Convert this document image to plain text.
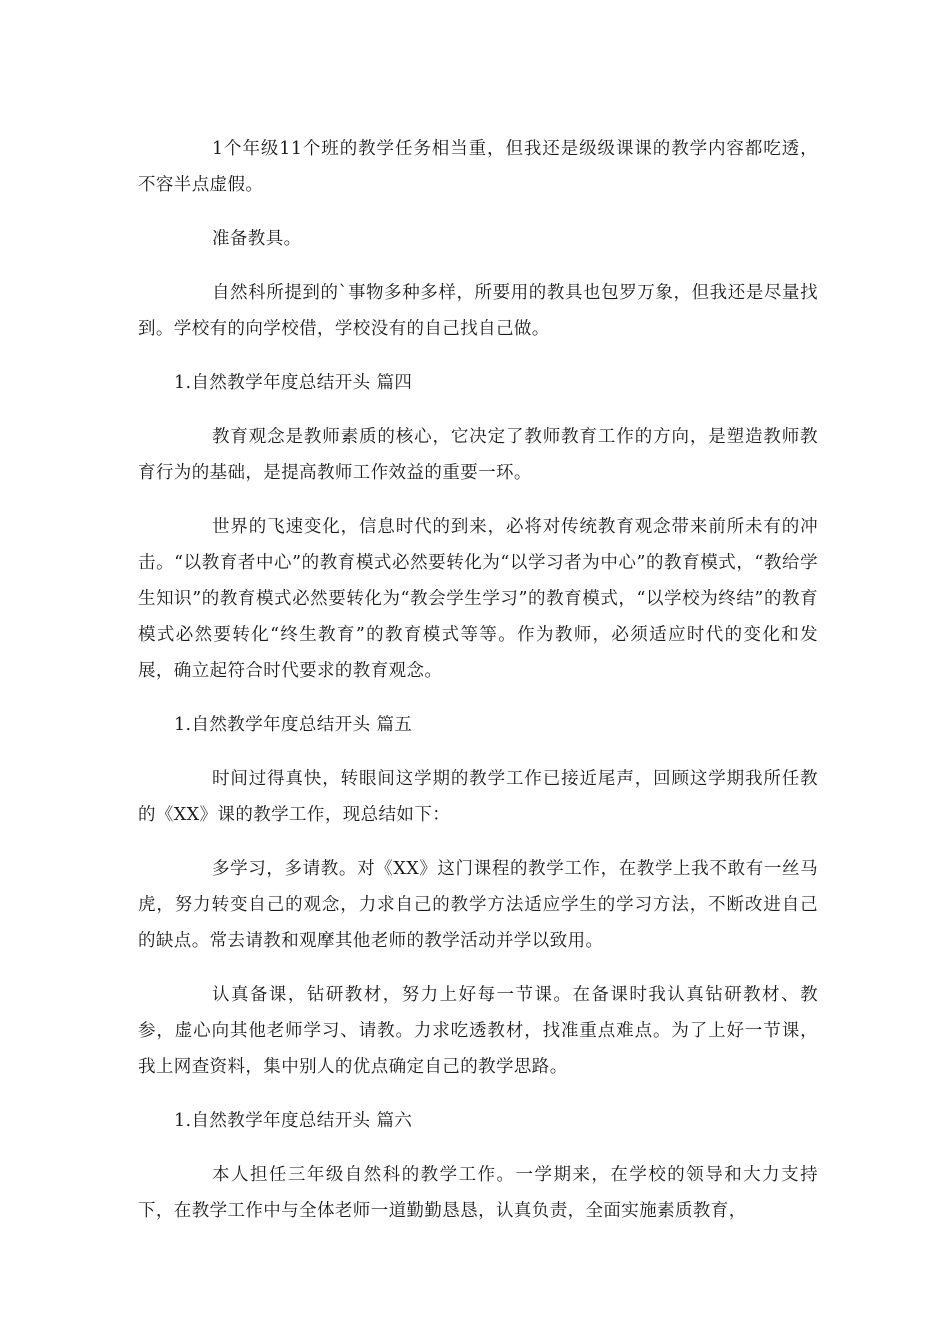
1个年级11个班的教学任务相当重，但我还是级级课课的教学内容都吃透，不容半点虚假。

准备教具。

自然科所提到的`事物多种多样，所要用的教具也包罗万象，但我还是尽量找到。学校有的向学校借，学校没有的自己找自己做。

1.自然教学年度总结开头 篇四

教育观念是教师素质的核心，它决定了教师教育工作的方向，是塑造教师教育行为的基础，是提高教师工作效益的重要一环。

世界的飞速变化，信息时代的到来，必将对传统教育观念带来前所未有的冲击。“以教育者中心”的教育模式必然要转化为“以学习者为中心”的教育模式，“教给学生知识”的教育模式必然要转化为“教会学生学习”的教育模式，“以学校为终结”的教育模式必然要转化“终生教育”的教育模式等等。作为教师，必须适应时代的变化和发展，确立起符合时代要求的教育观念。

1.自然教学年度总结开头 篇五

时间过得真快，转眼间这学期的教学工作已接近尾声，回顾这学期我所任教的《XX》课的教学工作，现总结如下：

多学习，多请教。对《XX》这门课程的教学工作，在教学上我不敢有一丝马虎，努力转变自己的观念，力求自己的教学方法适应学生的学习方法，不断改进自己的缺点。常去请教和观摩其他老师的教学活动并学以致用。

认真备课，钻研教材，努力上好每一节课。在备课时我认真钻研教材、教参，虚心向其他老师学习、请教。力求吃透教材，找准重点难点。为了上好一节课，我上网查资料，集中别人的优点确定自己的教学思路。

1.自然教学年度总结开头 篇六

本人担任三年级自然科的教学工作。一学期来，在学校的领导和大力支持下，在教学工作中与全体老师一道勤勤恳恳，认真负责，全面实施素质教育，
